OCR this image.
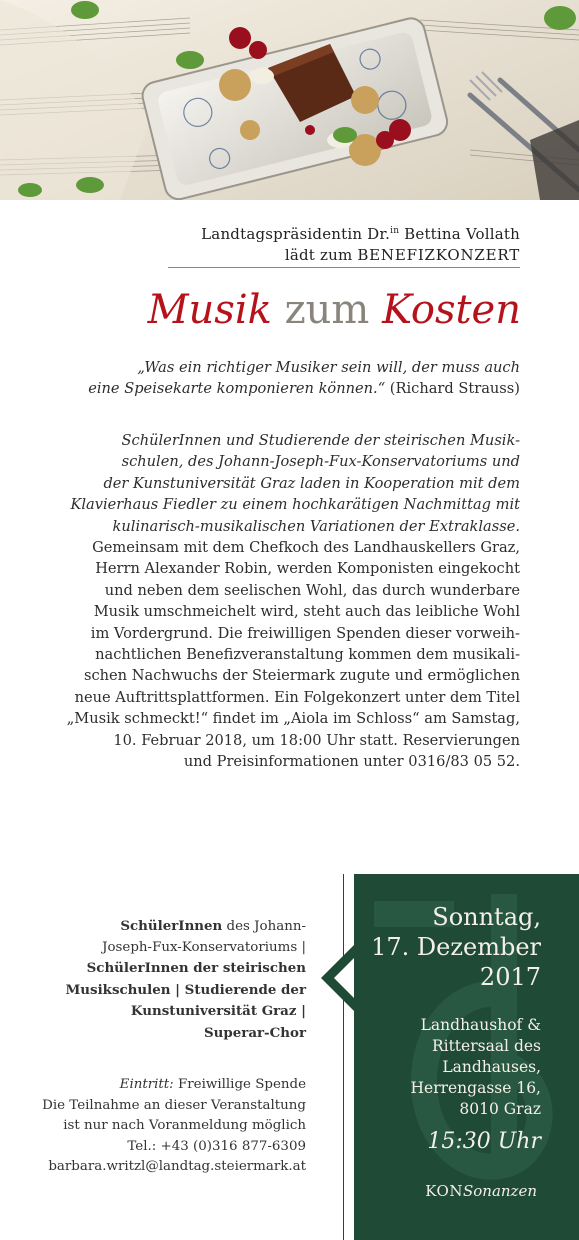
Landtagspräsidentin Dr.$^{in}$ Bettina Vollath
lädt zum BENEFIZKONZERT
Musik zum Kosten
„Was ein richtiger Musiker sein will, der muss auch
eine Speisekarte komponieren können.“ (Richard Strauss)
SchülerInnen und Studierende der steirischen Musik-
schulen, des Johann-Joseph-Fux-Konservatoriums und
der Kunstuniversität Graz laden in Kooperation mit dem
Klavierhaus Fiedler zu einem hochkarätigen Nachmittag mit
kulinarisch-musikalischen Variationen der Extraklasse.
Gemeinsam mit dem Chefkoch des Landhauskellers Graz,
Herrn Alexander Robin, werden Komponisten eingekocht
und neben dem seelischen Wohl, das durch wunderbare
Musik umschmeichelt wird, steht auch das leibliche Wohl
im Vordergrund. Die freiwilligen Spenden dieser vorweih-
nachtlichen Benefizveranstaltung kommen dem musikali-
schen Nachwuchs der Steiermark zugute und ermöglichen
neue Auftrittsplattformen. Ein Folgekonzert unter dem Titel
„Musik schmeckt!“ findet im „Aiola im Schloss“ am Samstag,
10. Februar 2018, um 18:00 Uhr statt. Reservierungen
und Preisinformationen unter 0316/83 05 52.
SchülerInnen des Johann-
Joseph-Fux-Konservatoriums |
SchülerInnen der steirischen
Musikschulen | Studierende der
Kunstuniversität Graz |
Superar-Chor
Eintritt: Freiwillige Spende
Die Teilnahme an dieser Veranstaltung
ist nur nach Voranmeldung möglich
Tel.: +43 (0)316 877-6309
barbara.writzl@landtag.steiermark.at
Sonntag,
17. Dezember
2017
Landhaushof &
Rittersaal des
Landhauses,
Herrengasse 16,
8010 Graz
15:30 Uhr
KONSonanzen
